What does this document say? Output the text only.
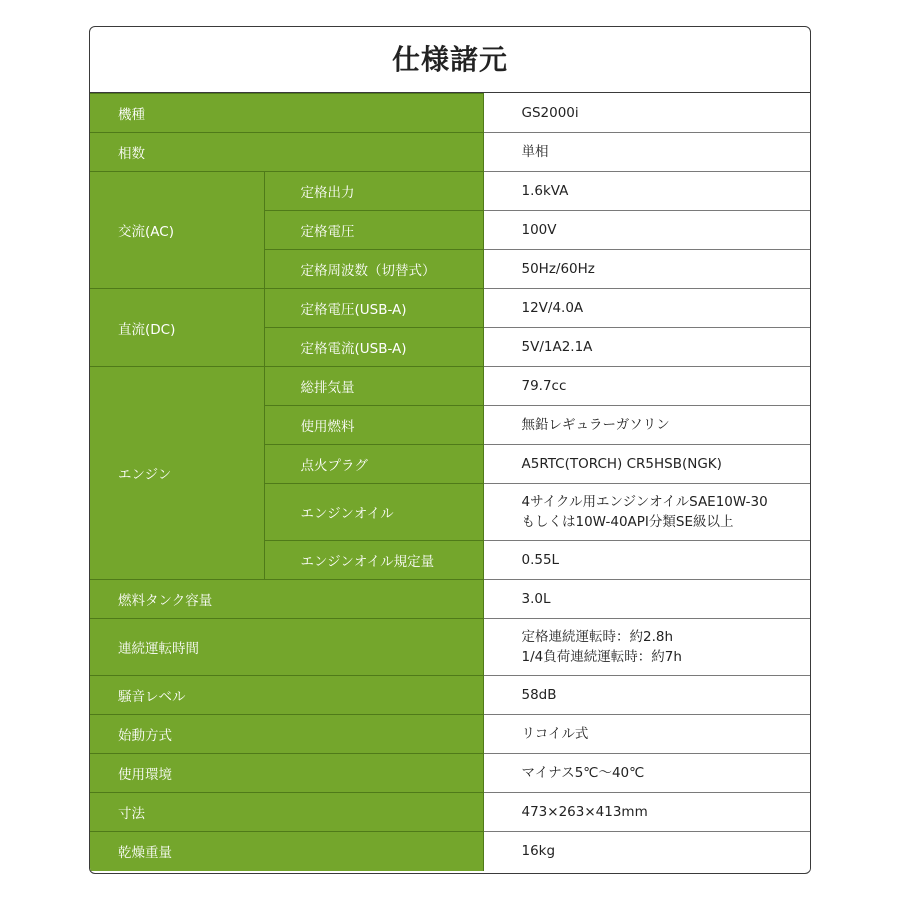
仕様諸元
機種		GS2000i
相数		単相
交流(AC)	定格出力	1.6kVA
	定格電圧	100V
	定格周波数（切替式）	50Hz/60Hz
直流(DC)	定格電圧(USB-A)	12V/4.0A
	定格電流(USB-A)	5V/1A2.1A
エンジン	総排気量	79.7cc
	使用燃料	無鉛レギュラーガソリン
	点火プラグ	A5RTC(TORCH) CR5HSB(NGK)
	エンジンオイル	4サイクル用エンジンオイルSAE10W-30
もしくは10W-40API分類SE級以上

	エンジンオイル規定量	0.55L
燃料タンク容量		3.0L
連続運転時間		定格連続運転時：約2.8h
1/4負荷連続運転時：約7h

騒音レベル		58dB
始動方式		リコイル式
使用環境		マイナス5℃〜40℃
寸法		473×263×413mm
乾燥重量		16kg
